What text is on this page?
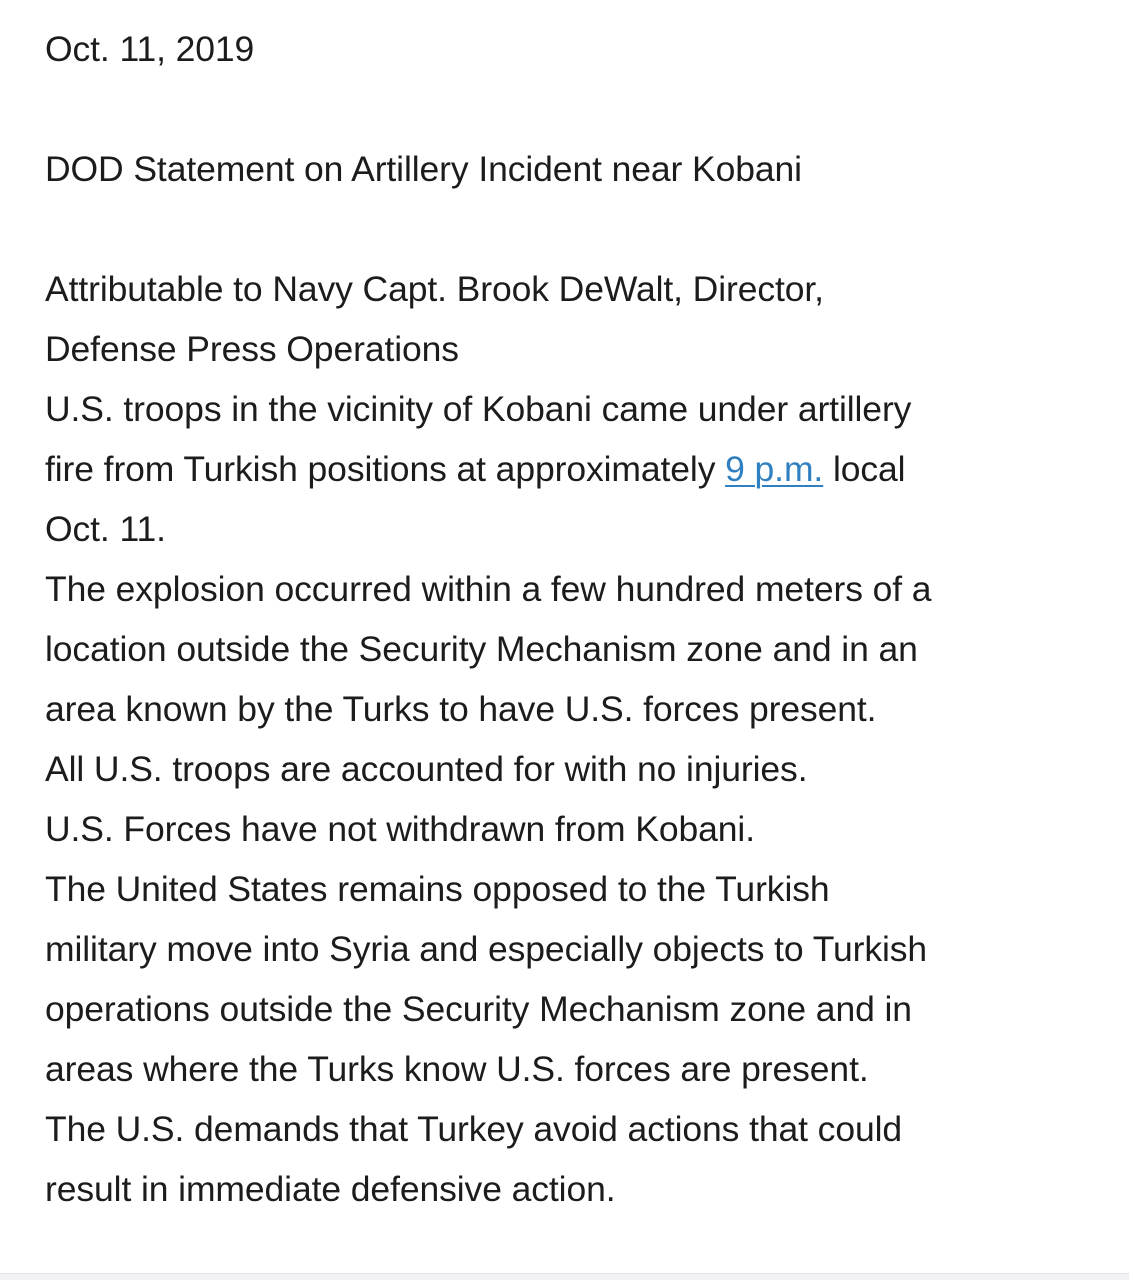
Oct. 11, 2019
DOD Statement on Artillery Incident near Kobani
Attributable to Navy Capt. Brook DeWalt, Director,
Defense Press Operations
U.S. troops in the vicinity of Kobani came under artillery
fire from Turkish positions at approximately 9 p.m. local
Oct. 11.
The explosion occurred within a few hundred meters of a
location outside the Security Mechanism zone and in an
area known by the Turks to have U.S. forces present.
All U.S. troops are accounted for with no injuries.
U.S. Forces have not withdrawn from Kobani.
The United States remains opposed to the Turkish
military move into Syria and especially objects to Turkish
operations outside the Security Mechanism zone and in
areas where the Turks know U.S. forces are present.
The U.S. demands that Turkey avoid actions that could
result in immediate defensive action.
